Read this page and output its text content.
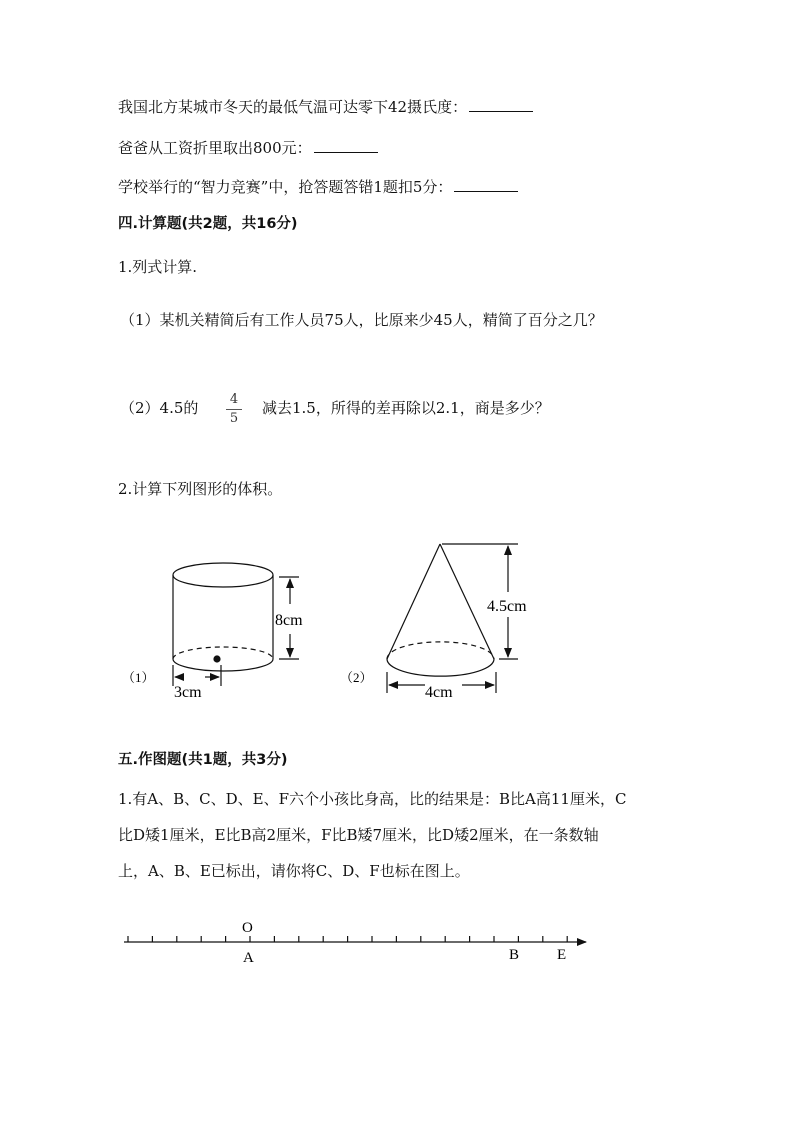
我国北方某城市冬天的最低气温可达零下42摄氏度：
爸爸从工资折里取出800元：
学校举行的“智力竞赛”中，抢答题答错1题扣5分：
四.计算题(共2题，共16分)
1.列式计算.
（1）某机关精简后有工作人员75人，比原来少45人，精简了百分之几？
（2）4.5的 $\frac{4}{5}$ 减去1.5，所得的差再除以2.1，商是多少？
2.计算下列图形的体积。
8cm
3cm
（1）
4.5cm
4cm
（2）
O
A	B	E
五.作图题(共1题，共3分)
1.有A、B、C、D、E、F六个小孩比身高，比的结果是：B比A高11厘米，C
比D矮1厘米，E比B高2厘米，F比B矮7厘米，比D矮2厘米，在一条数轴
上，A、B、E已标出，请你将C、D、F也标在图上。
